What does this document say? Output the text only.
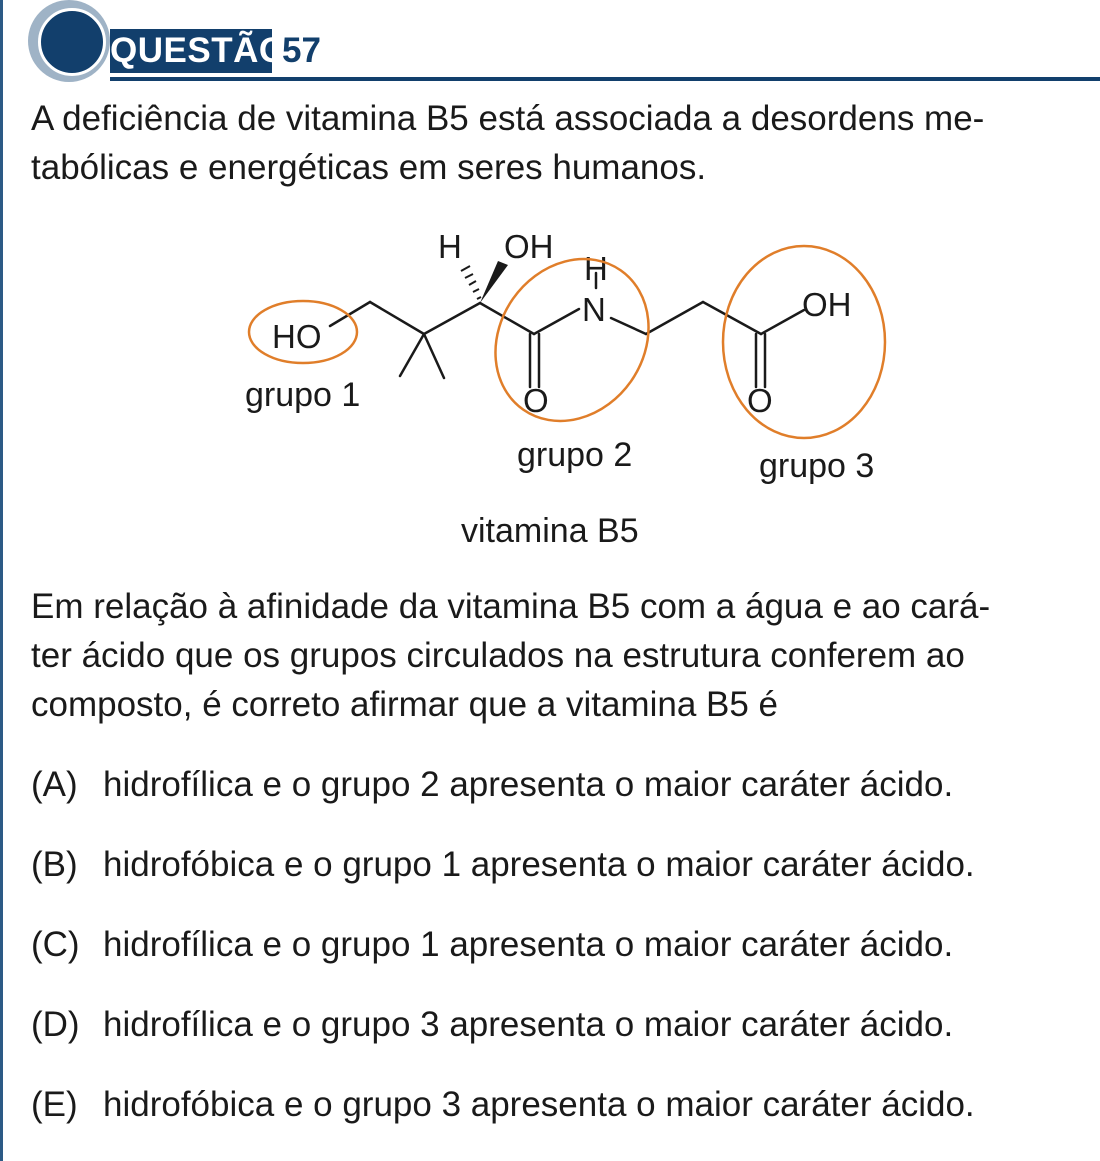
QUESTÃO
57
A deficiência de vitamina B5 está associada a desordens me-
tabólicas e energéticas em seres humanos.
HO
H OH
H
N
O
OH
O
grupo 1
grupo 2	grupo 3
vitamina B5
Em relação à afinidade da vitamina B5 com a água e ao cará-
ter ácido que os grupos circulados na estrutura conferem ao
composto, é correto afirmar que a vitamina B5 é
(A) hidrofílica e o grupo 2 apresenta o maior caráter ácido.
(B) hidrofóbica e o grupo 1 apresenta o maior caráter ácido.
(C) hidrofílica e o grupo 1 apresenta o maior caráter ácido.
(D) hidrofílica e o grupo 3 apresenta o maior caráter ácido.
(E) hidrofóbica e o grupo 3 apresenta o maior caráter ácido.
